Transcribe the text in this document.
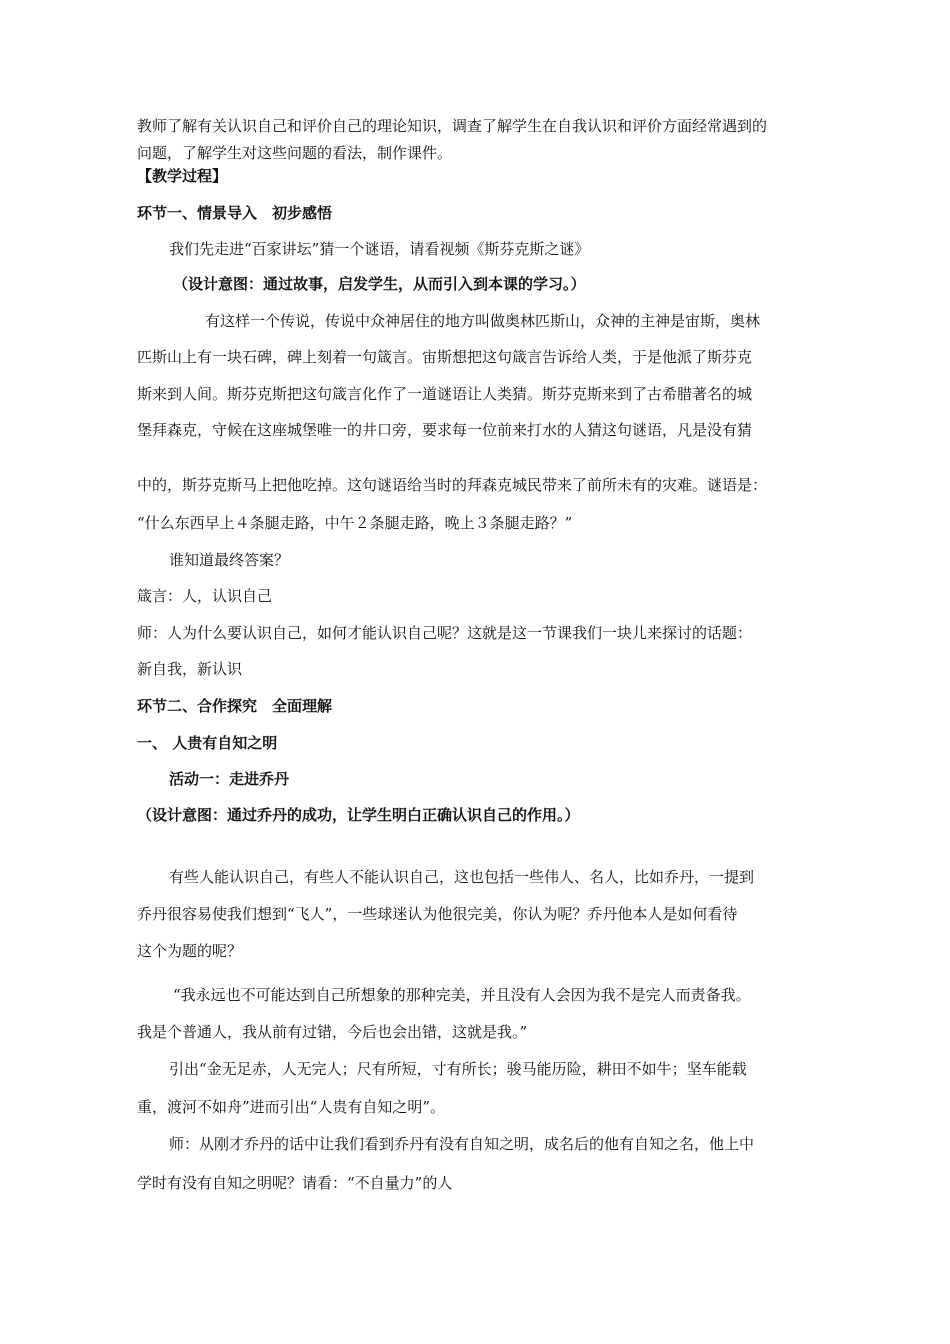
教师了解有关认识自己和评价自己的理论知识，调查了解学生在自我认识和评价方面经常遇到的
问题，了解学生对这些问题的看法，制作课件。
【教学过程】
环节一、情景导入　初步感悟
我们先走进“百家讲坛”猜一个谜语，请看视频《斯芬克斯之谜》
（设计意图：通过故事，启发学生，从而引入到本课的学习。）
有这样一个传说，传说中众神居住的地方叫做奥林匹斯山，众神的主神是宙斯，奥林
匹斯山上有一块石碑，碑上刻着一句箴言。宙斯想把这句箴言告诉给人类，于是他派了斯芬克
斯来到人间。斯芬克斯把这句箴言化作了一道谜语让人类猜。斯芬克斯来到了古希腊著名的城
堡拜森克，守候在这座城堡唯一的井口旁，要求每一位前来打水的人猜这句谜语，凡是没有猜
中的，斯芬克斯马上把他吃掉。这句谜语给当时的拜森克城民带来了前所未有的灾难。谜语是：
“什么东西早上４条腿走路，中午２条腿走路，晚上３条腿走路？”
谁知道最终答案？
箴言：人，认识自己
师：人为什么要认识自己，如何才能认识自己呢？这就是这一节课我们一块儿来探讨的话题：
新自我，新认识
环节二、合作探究　全面理解
一、 人贵有自知之明
活动一：走进乔丹
（设计意图：通过乔丹的成功，让学生明白正确认识自己的作用。）
有些人能认识自己，有些人不能认识自己，这也包括一些伟人、名人，比如乔丹，一提到
乔丹很容易使我们想到“飞人”，一些球迷认为他很完美，你认为呢？乔丹他本人是如何看待
这个为题的呢？
“我永远也不可能达到自己所想象的那种完美，并且没有人会因为我不是完人而责备我。
我是个普通人，我从前有过错，今后也会出错，这就是我。”
引出“金无足赤，人无完人；尺有所短，寸有所长；骏马能历险，耕田不如牛；坚车能载
重，渡河不如舟”进而引出“人贵有自知之明”。
师：从刚才乔丹的话中让我们看到乔丹有没有自知之明，成名后的他有自知之名，他上中
学时有没有自知之明呢？请看：“不自量力”的人
